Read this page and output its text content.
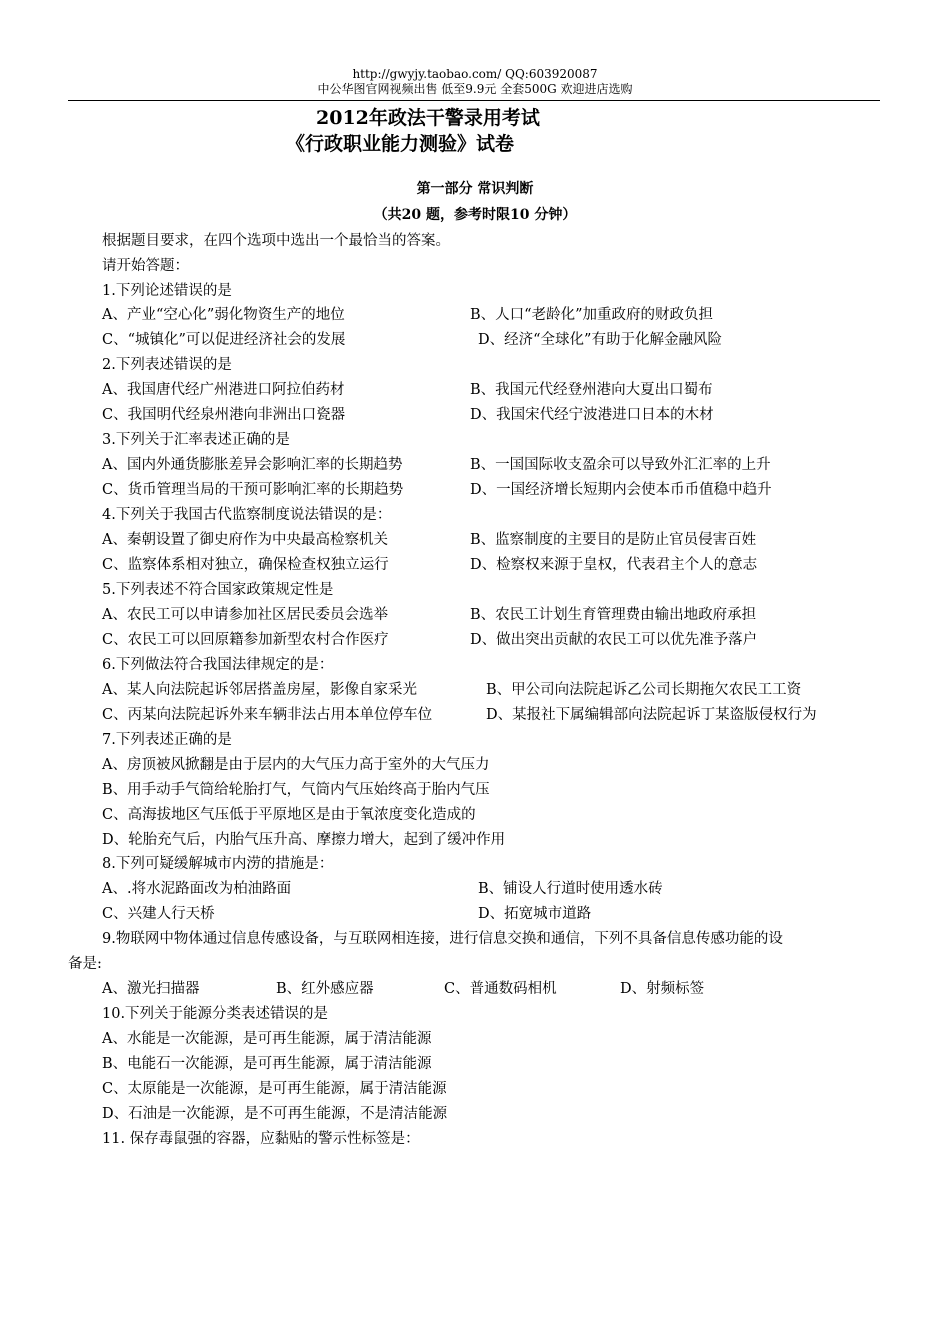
http://gwyjy.taobao.com/ QQ:603920087
中公华图官网视频出售 低至9.9元 全套500G 欢迎进店选购
2012年政法干警录用考试
《行政职业能力测验》试卷
第一部分 常识判断
（共20 题，参考时限10 分钟）
根据题目要求，在四个选项中选出一个最恰当的答案。
请开始答题：
1.下列论述错误的是
A、产业“空心化”弱化物资生产的地位	B、人口“老龄化”加重政府的财政负担
C、“城镇化”可以促进经济社会的发展	D、经济“全球化”有助于化解金融风险
2.下列表述错误的是
A、我国唐代经广州港进口阿拉伯药材	B、我国元代经登州港向大夏出口蜀布
C、我国明代经泉州港向非洲出口瓷器	D、我国宋代经宁波港进口日本的木材
3.下列关于汇率表述正确的是
A、国内外通货膨胀差异会影响汇率的长期趋势	B、一国国际收支盈余可以导致外汇汇率的上升
C、货币管理当局的干预可影响汇率的长期趋势	D、一国经济增长短期内会使本币币值稳中趋升
4.下列关于我国古代监察制度说法错误的是：
A、秦朝设置了御史府作为中央最高检察机关	B、监察制度的主要目的是防止官员侵害百姓
C、监察体系相对独立，确保检查权独立运行	D、检察权来源于皇权，代表君主个人的意志
5.下列表述不符合国家政策规定性是
A、农民工可以申请参加社区居民委员会选举	B、农民工计划生育管理费由输出地政府承担
C、农民工可以回原籍参加新型农村合作医疗	D、做出突出贡献的农民工可以优先准予落户
6.下列做法符合我国法律规定的是：
A、某人向法院起诉邻居搭盖房屋，影像自家采光	B、甲公司向法院起诉乙公司长期拖欠农民工工资
C、丙某向法院起诉外来车辆非法占用本单位停车位	D、某报社下属编辑部向法院起诉丁某盗版侵权行为
7.下列表述正确的是
A、房顶被风掀翻是由于层内的大气压力高于室外的大气压力
B、用手动手气筒给轮胎打气，气筒内气压始终高于胎内气压
C、高海拔地区气压低于平原地区是由于氧浓度变化造成的
D、轮胎充气后，内胎气压升高、摩擦力增大，起到了缓冲作用
8.下列可疑缓解城市内涝的措施是：
A、.将水泥路面改为柏油路面	B、铺设人行道时使用透水砖
C、兴建人行天桥	D、拓宽城市道路
9.物联网中物体通过信息传感设备，与互联网相连接，进行信息交换和通信，下列不具备信息传感功能的设
备是:
A、激光扫描器	B、红外感应器	C、普通数码相机	D、射频标签
10.下列关于能源分类表述错误的是
A、水能是一次能源，是可再生能源，属于清洁能源
B、电能石一次能源，是可再生能源，属于清洁能源
C、太原能是一次能源，是可再生能源，属于清洁能源
D、石油是一次能源，是不可再生能源，不是清洁能源
11. 保存毒鼠强的容器，应黏贴的警示性标签是：
